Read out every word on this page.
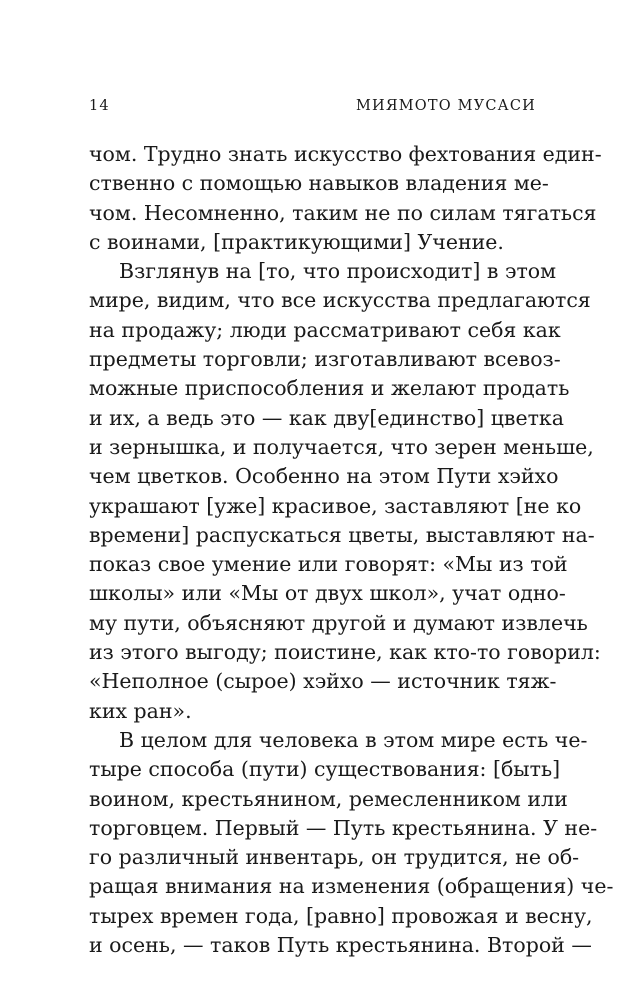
14	МИЯМОТО МУСАСИ
чом. Трудно знать искусство фехтования един-
ственно с помощью навыков владения ме-
чом. Несомненно, таким не по силам тягаться
с воинами, [практикующими] Учение.
Взглянув на [то, что происходит] в этом
мире, видим, что все искусства предлагаются
на продажу; люди рассматривают себя как
предметы торговли; изготавливают всевоз-
можные приспособления и желают продать
и их, а ведь это — как дву[единство] цветка
и зернышка, и получается, что зерен меньше,
чем цветков. Особенно на этом Пути хэйхо
украшают [уже] красивое, заставляют [не ко
времени] распускаться цветы, выставляют на-
показ свое умение или говорят: «Мы из той
школы» или «Мы от двух школ», учат одно-
му пути, объясняют другой и думают извлечь
из этого выгоду; поистине, как кто-то говорил:
«Неполное (сырое) хэйхо — источник тяж-
ких ран».
В целом для человека в этом мире есть че-
тыре способа (пути) существования: [быть]
воином, крестьянином, ремесленником или
торговцем. Первый — Путь крестьянина. У не-
го различный инвентарь, он трудится, не об-
ращая внимания на изменения (обращения) че-
тырех времен года, [равно] провожая и весну,
и осень, — таков Путь крестьянина. Второй —
